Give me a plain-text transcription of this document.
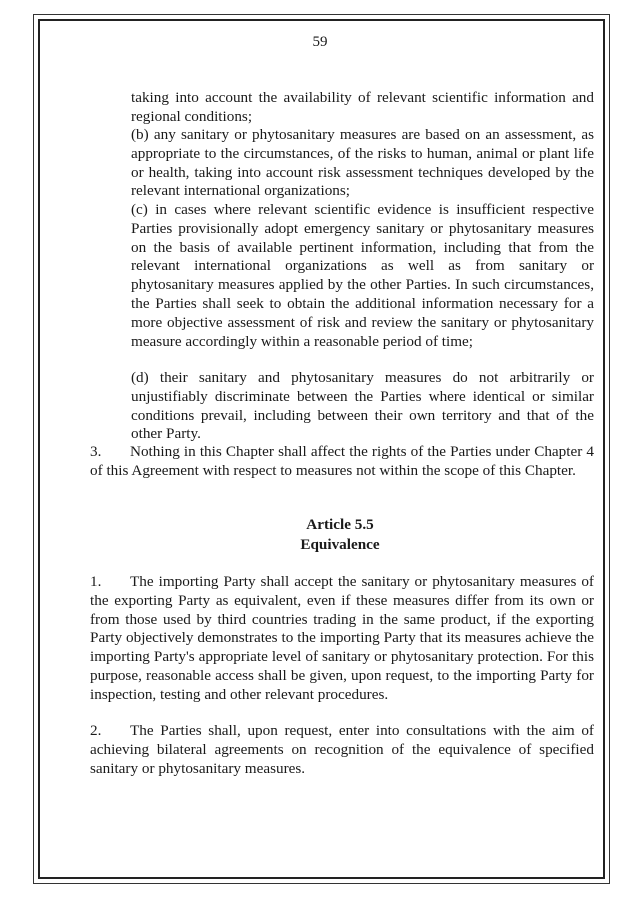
59

taking into account the availability of relevant scientific information and regional conditions;

(b) any sanitary or phytosanitary measures are based on an assessment, as appropriate to the circumstances, of the risks to human, animal or plant life or health, taking into account risk assessment techniques developed by the relevant international organizations;

(c) in cases where relevant scientific evidence is insufficient respective Parties provisionally adopt emergency sanitary or phytosanitary measures on the basis of available pertinent information, including that from the relevant international organizations as well as from sanitary or phytosanitary measures applied by the other Parties. In such circumstances, the Parties shall seek to obtain the additional information necessary for a more objective assessment of risk and review the sanitary or phytosanitary measure accordingly within a reasonable period of time;

(d) their sanitary and phytosanitary measures do not arbitrarily or unjustifiably discriminate between the Parties where identical or similar conditions prevail, including between their own territory and that of the other Party.

3. Nothing in this Chapter shall affect the rights of the Parties under Chapter 4 of this Agreement with respect to measures not within the scope of this Chapter.

Article 5.5

Equivalence

1. The importing Party shall accept the sanitary or phytosanitary measures of the exporting Party as equivalent, even if these measures differ from its own or from those used by third countries trading in the same product, if the exporting Party objectively demonstrates to the importing Party that its measures achieve the importing Party's appropriate level of sanitary or phytosanitary protection. For this purpose, reasonable access shall be given, upon request, to the importing Party for inspection, testing and other relevant procedures.

2. The Parties shall, upon request, enter into consultations with the aim of achieving bilateral agreements on recognition of the equivalence of specified sanitary or phytosanitary measures.
